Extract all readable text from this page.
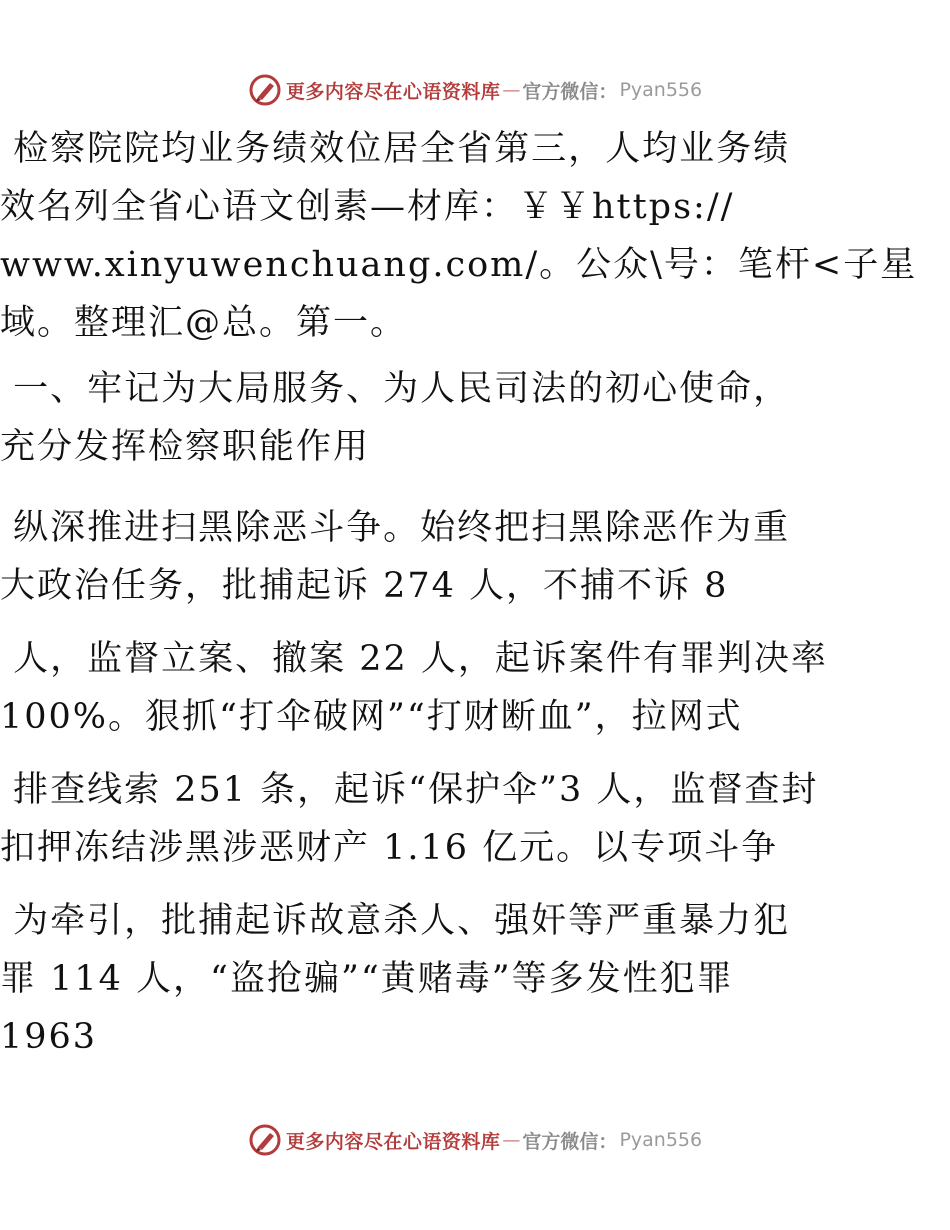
更多内容尽在心语资料库 — 官方微信： Pyan556
检察院院均业务绩效位居全省第三，人均业务绩
效名列全省心语文创素—材库：￥￥https://
www.xinyuwenchuang.com/。公众\号：笔杆<子星
域。整理汇@总。第一。
一、牢记为大局服务、为人民司法的初心使命，
充分发挥检察职能作用
纵深推进扫黑除恶斗争。始终把扫黑除恶作为重
大政治任务，批捕起诉 274 人，不捕不诉 8
人，监督立案、撤案 22 人，起诉案件有罪判决率
100%。狠抓“打伞破网”“打财断血”，拉网式
排查线索 251 条，起诉“保护伞”3 人，监督查封
扣押冻结涉黑涉恶财产 1.16 亿元。以专项斗争
为牵引，批捕起诉故意杀人、强奸等严重暴力犯
罪 114 人，“盗抢骗”“黄赌毒”等多发性犯罪
1963
更多内容尽在心语资料库 — 官方微信： Pyan556
